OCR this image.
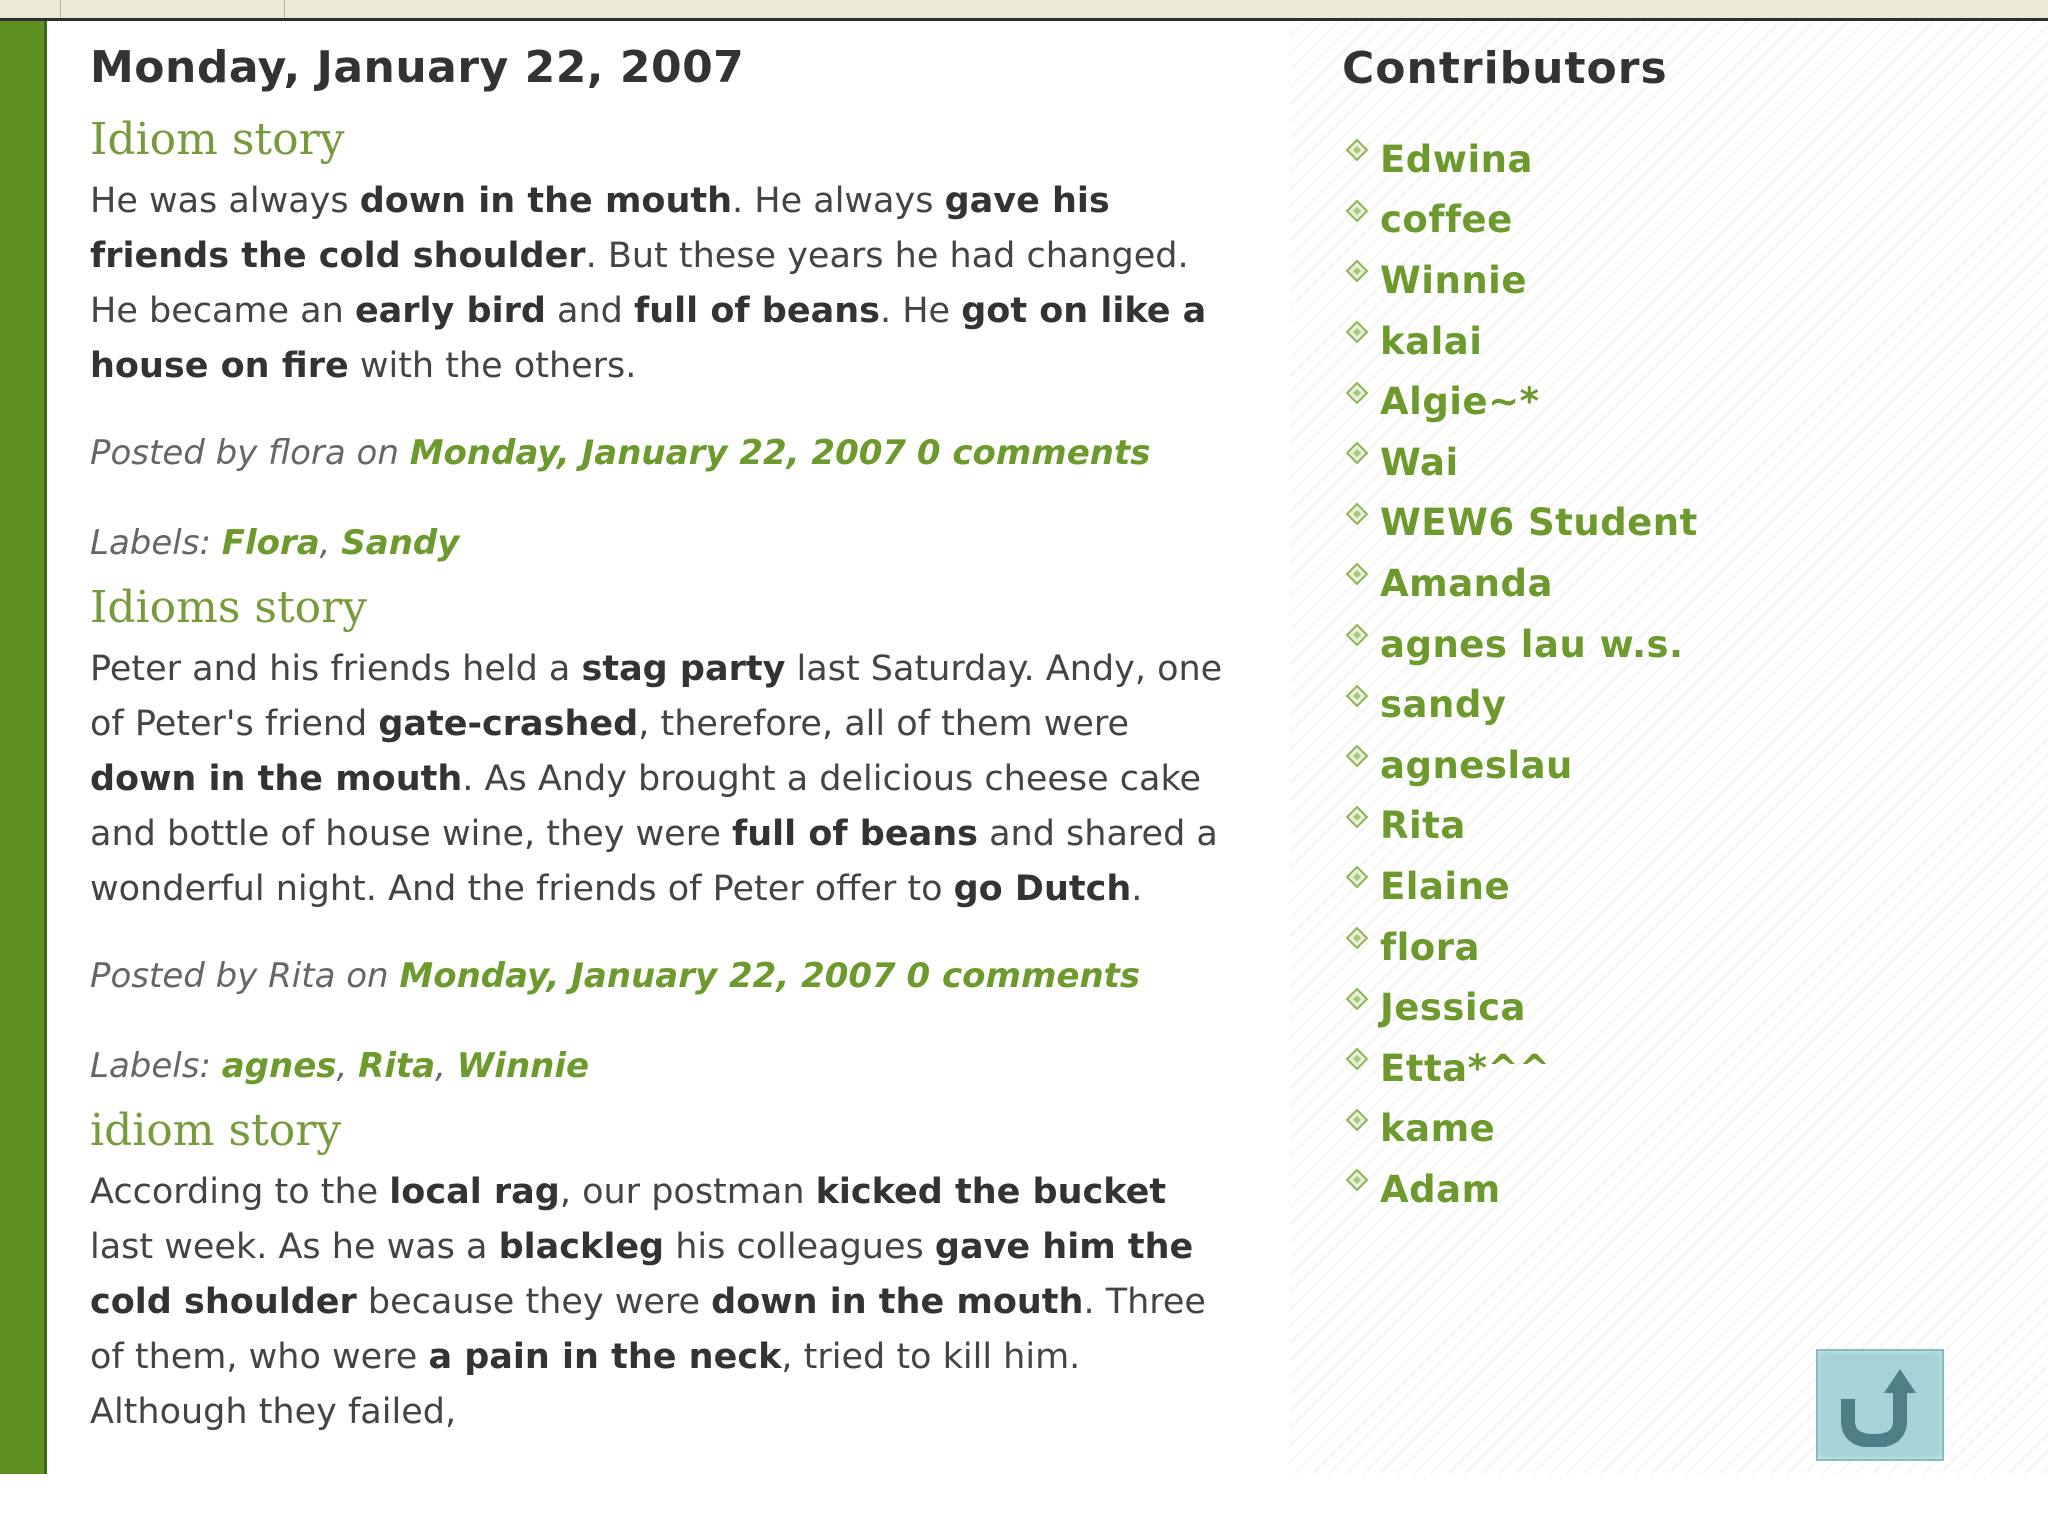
Monday, January 22, 2007
Idiom story

He was always down in the mouth. He always gave his friends the cold shoulder. But these years he had changed. He became an early bird and full of beans. He got on like a house on fire with the others.

Posted by flora on Monday, January 22, 2007 0 comments

Labels: Flora, Sandy

Idioms story

Peter and his friends held a stag party last Saturday. Andy, one of Peter's friend gate-crashed, therefore, all of them were down in the mouth. As Andy brought a delicious cheese cake and bottle of house wine, they were full of beans and shared a wonderful night. And the friends of Peter offer to go Dutch.

Posted by Rita on Monday, January 22, 2007 0 comments

Labels: agnes, Rita, Winnie

idiom story

According to the local rag, our postman kicked the bucket last week. As he was a blackleg his colleagues gave him the cold shoulder because they were down in the mouth. Three of them, who were a pain in the neck, tried to kill him. Although they failed,

Contributors
Edwina
coffee
Winnie
kalai
Algie~*
Wai
WEW6 Student
Amanda
agnes lau w.s.
sandy
agneslau
Rita
Elaine
flora
Jessica
Etta*^^
kame
Adam
